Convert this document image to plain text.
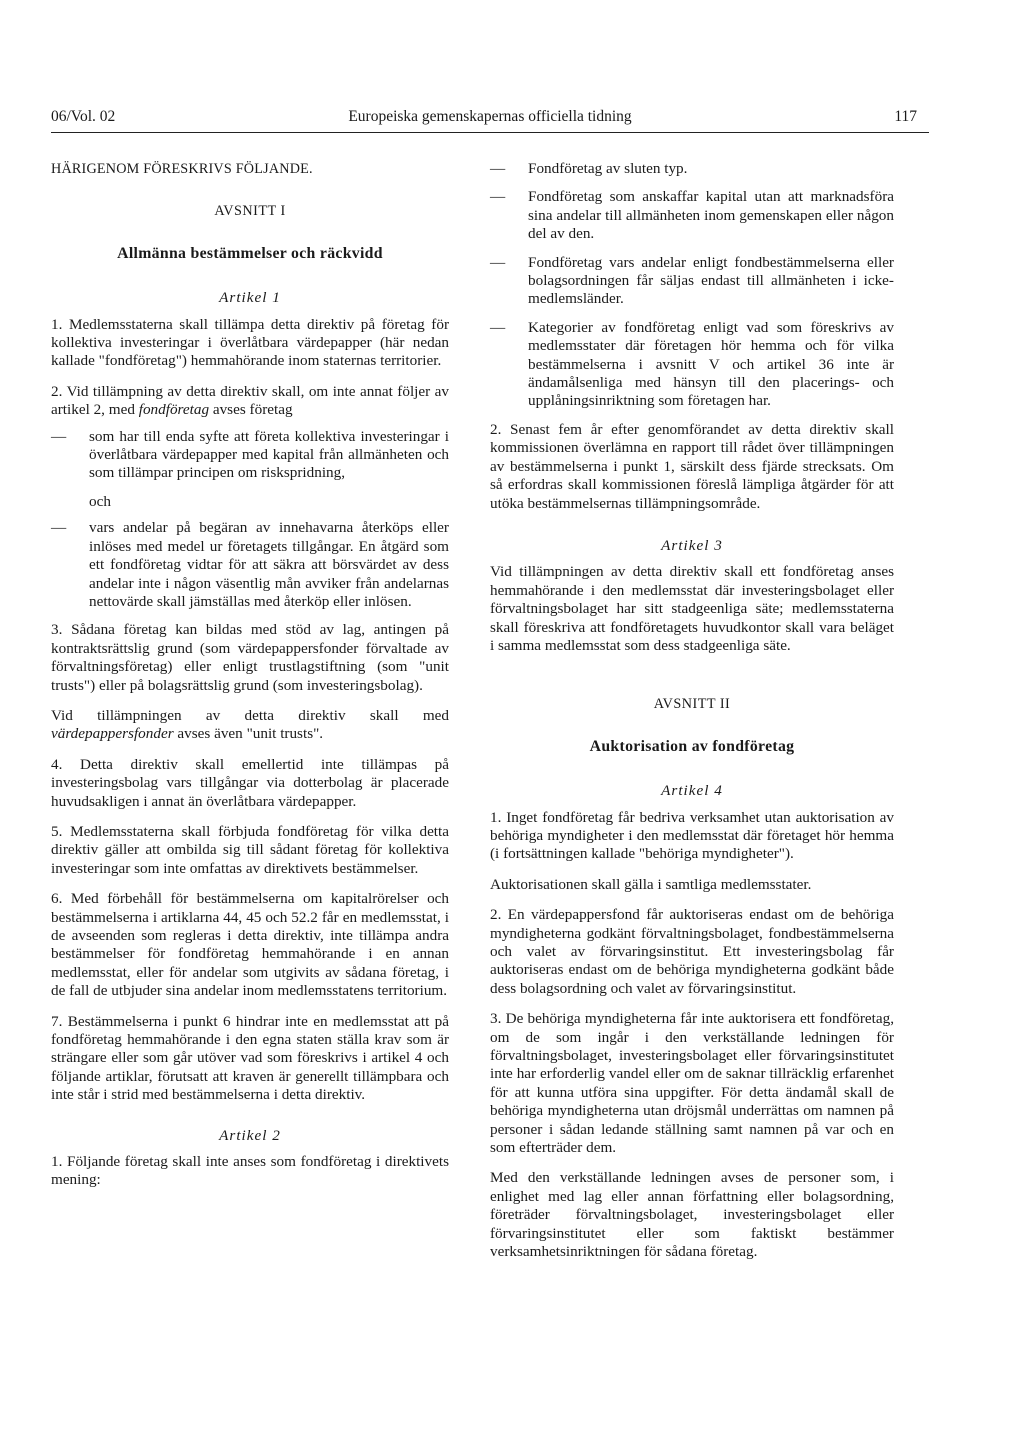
06/Vol. 02	Europeiska gemenskapernas officiella tidning	117

HÄRIGENOM FÖRESKRIVS FÖLJANDE.

AVSNITT I

Allmänna bestämmelser och räckvidd

Artikel 1

1. Medlemsstaterna skall tillämpa detta direktiv på företag för kollektiva investeringar i överlåtbara värdepapper (här nedan kallade "fondföretag") hemmahörande inom staternas territorier.

2. Vid tillämpning av detta direktiv skall, om inte annat följer av artikel 2, med fondföretag avses företag

— som har till enda syfte att företa kollektiva investeringar i överlåtbara värdepapper med kapital från allmänheten och som tillämpar principen om riskspridning,

och

— vars andelar på begäran av innehavarna återköps eller inlöses med medel ur företagets tillgångar. En åtgärd som ett fondföretag vidtar för att säkra att börsvärdet av dess andelar inte i någon väsentlig mån avviker från andelarnas nettovärde skall jämställas med återköp eller inlösen.

3. Sådana företag kan bildas med stöd av lag, antingen på kontraktsrättslig grund (som värdepappersfonder förvaltade av förvaltningsföretag) eller enligt trustlagstiftning (som "unit trusts") eller på bolagsrättslig grund (som investeringsbolag).

Vid tillämpningen av detta direktiv skall med värdepappersfonder avses även "unit trusts".

4. Detta direktiv skall emellertid inte tillämpas på investeringsbolag vars tillgångar via dotterbolag är placerade huvudsakligen i annat än överlåtbara värdepapper.

5. Medlemsstaterna skall förbjuda fondföretag för vilka detta direktiv gäller att ombilda sig till sådant företag för kollektiva investeringar som inte omfattas av direktivets bestämmelser.

6. Med förbehåll för bestämmelserna om kapitalrörelser och bestämmelserna i artiklarna 44, 45 och 52.2 får en medlemsstat, i de avseenden som regleras i detta direktiv, inte tillämpa andra bestämmelser för fondföretag hemmahörande i en annan medlemsstat, eller för andelar som utgivits av sådana företag, i de fall de utbjuder sina andelar inom medlemsstatens territorium.

7. Bestämmelserna i punkt 6 hindrar inte en medlemsstat att på fondföretag hemmahörande i den egna staten ställa krav som är strängare eller som går utöver vad som föreskrivs i artikel 4 och följande artiklar, förutsatt att kraven är generellt tillämpbara och inte står i strid med bestämmelserna i detta direktiv.

Artikel 2

1. Följande företag skall inte anses som fondföretag i direktivets mening:

— Fondföretag av sluten typ.
— Fondföretag som anskaffar kapital utan att marknadsföra sina andelar till allmänheten inom gemenskapen eller någon del av den.
— Fondföretag vars andelar enligt fondbestämmelserna eller bolagsordningen får säljas endast till allmänheten i icke-medlemsländer.
— Kategorier av fondföretag enligt vad som föreskrivs av medlemsstater där företagen hör hemma och för vilka bestämmelserna i avsnitt V och artikel 36 inte är ändamålsenliga med hänsyn till den placerings- och upplåningsinriktning som företagen har.

2. Senast fem år efter genomförandet av detta direktiv skall kommissionen överlämna en rapport till rådet över tillämpningen av bestämmelserna i punkt 1, särskilt dess fjärde strecksats. Om så erfordras skall kommissionen föreslå lämpliga åtgärder för att utöka bestämmelsernas tillämpningsområde.

Artikel 3

Vid tillämpningen av detta direktiv skall ett fondföretag anses hemmahörande i den medlemsstat där investeringsbolaget eller förvaltningsbolaget har sitt stadgeenliga säte; medlemsstaterna skall föreskriva att fondföretagets huvudkontor skall vara beläget i samma medlemsstat som dess stadgeenliga säte.

AVSNITT II

Auktorisation av fondföretag

Artikel 4

1. Inget fondföretag får bedriva verksamhet utan auktorisation av behöriga myndigheter i den medlemsstat där företaget hör hemma (i fortsättningen kallade "behöriga myndigheter").

Auktorisationen skall gälla i samtliga medlemsstater.

2. En värdepappersfond får auktoriseras endast om de behöriga myndigheterna godkänt förvaltningsbolaget, fondbestämmelserna och valet av förvaringsinstitut. Ett investeringsbolag får auktoriseras endast om de behöriga myndigheterna godkänt både dess bolagsordning och valet av förvaringsinstitut.

3. De behöriga myndigheterna får inte auktorisera ett fondföretag, om de som ingår i den verkställande ledningen för förvaltningsbolaget, investeringsbolaget eller förvaringsinstitutet inte har erforderlig vandel eller om de saknar tillräcklig erfarenhet för att kunna utföra sina uppgifter. För detta ändamål skall de behöriga myndigheterna utan dröjsmål underrättas om namnen på personer i sådan ledande ställning samt namnen på var och en som efterträder dem.

Med den verkställande ledningen avses de personer som, i enlighet med lag eller annan författning eller bolagsordning, företräder förvaltningsbolaget, investeringsbolaget eller förvaringsinstitutet eller som faktiskt bestämmer verksamhetsinriktningen för sådana företag.
